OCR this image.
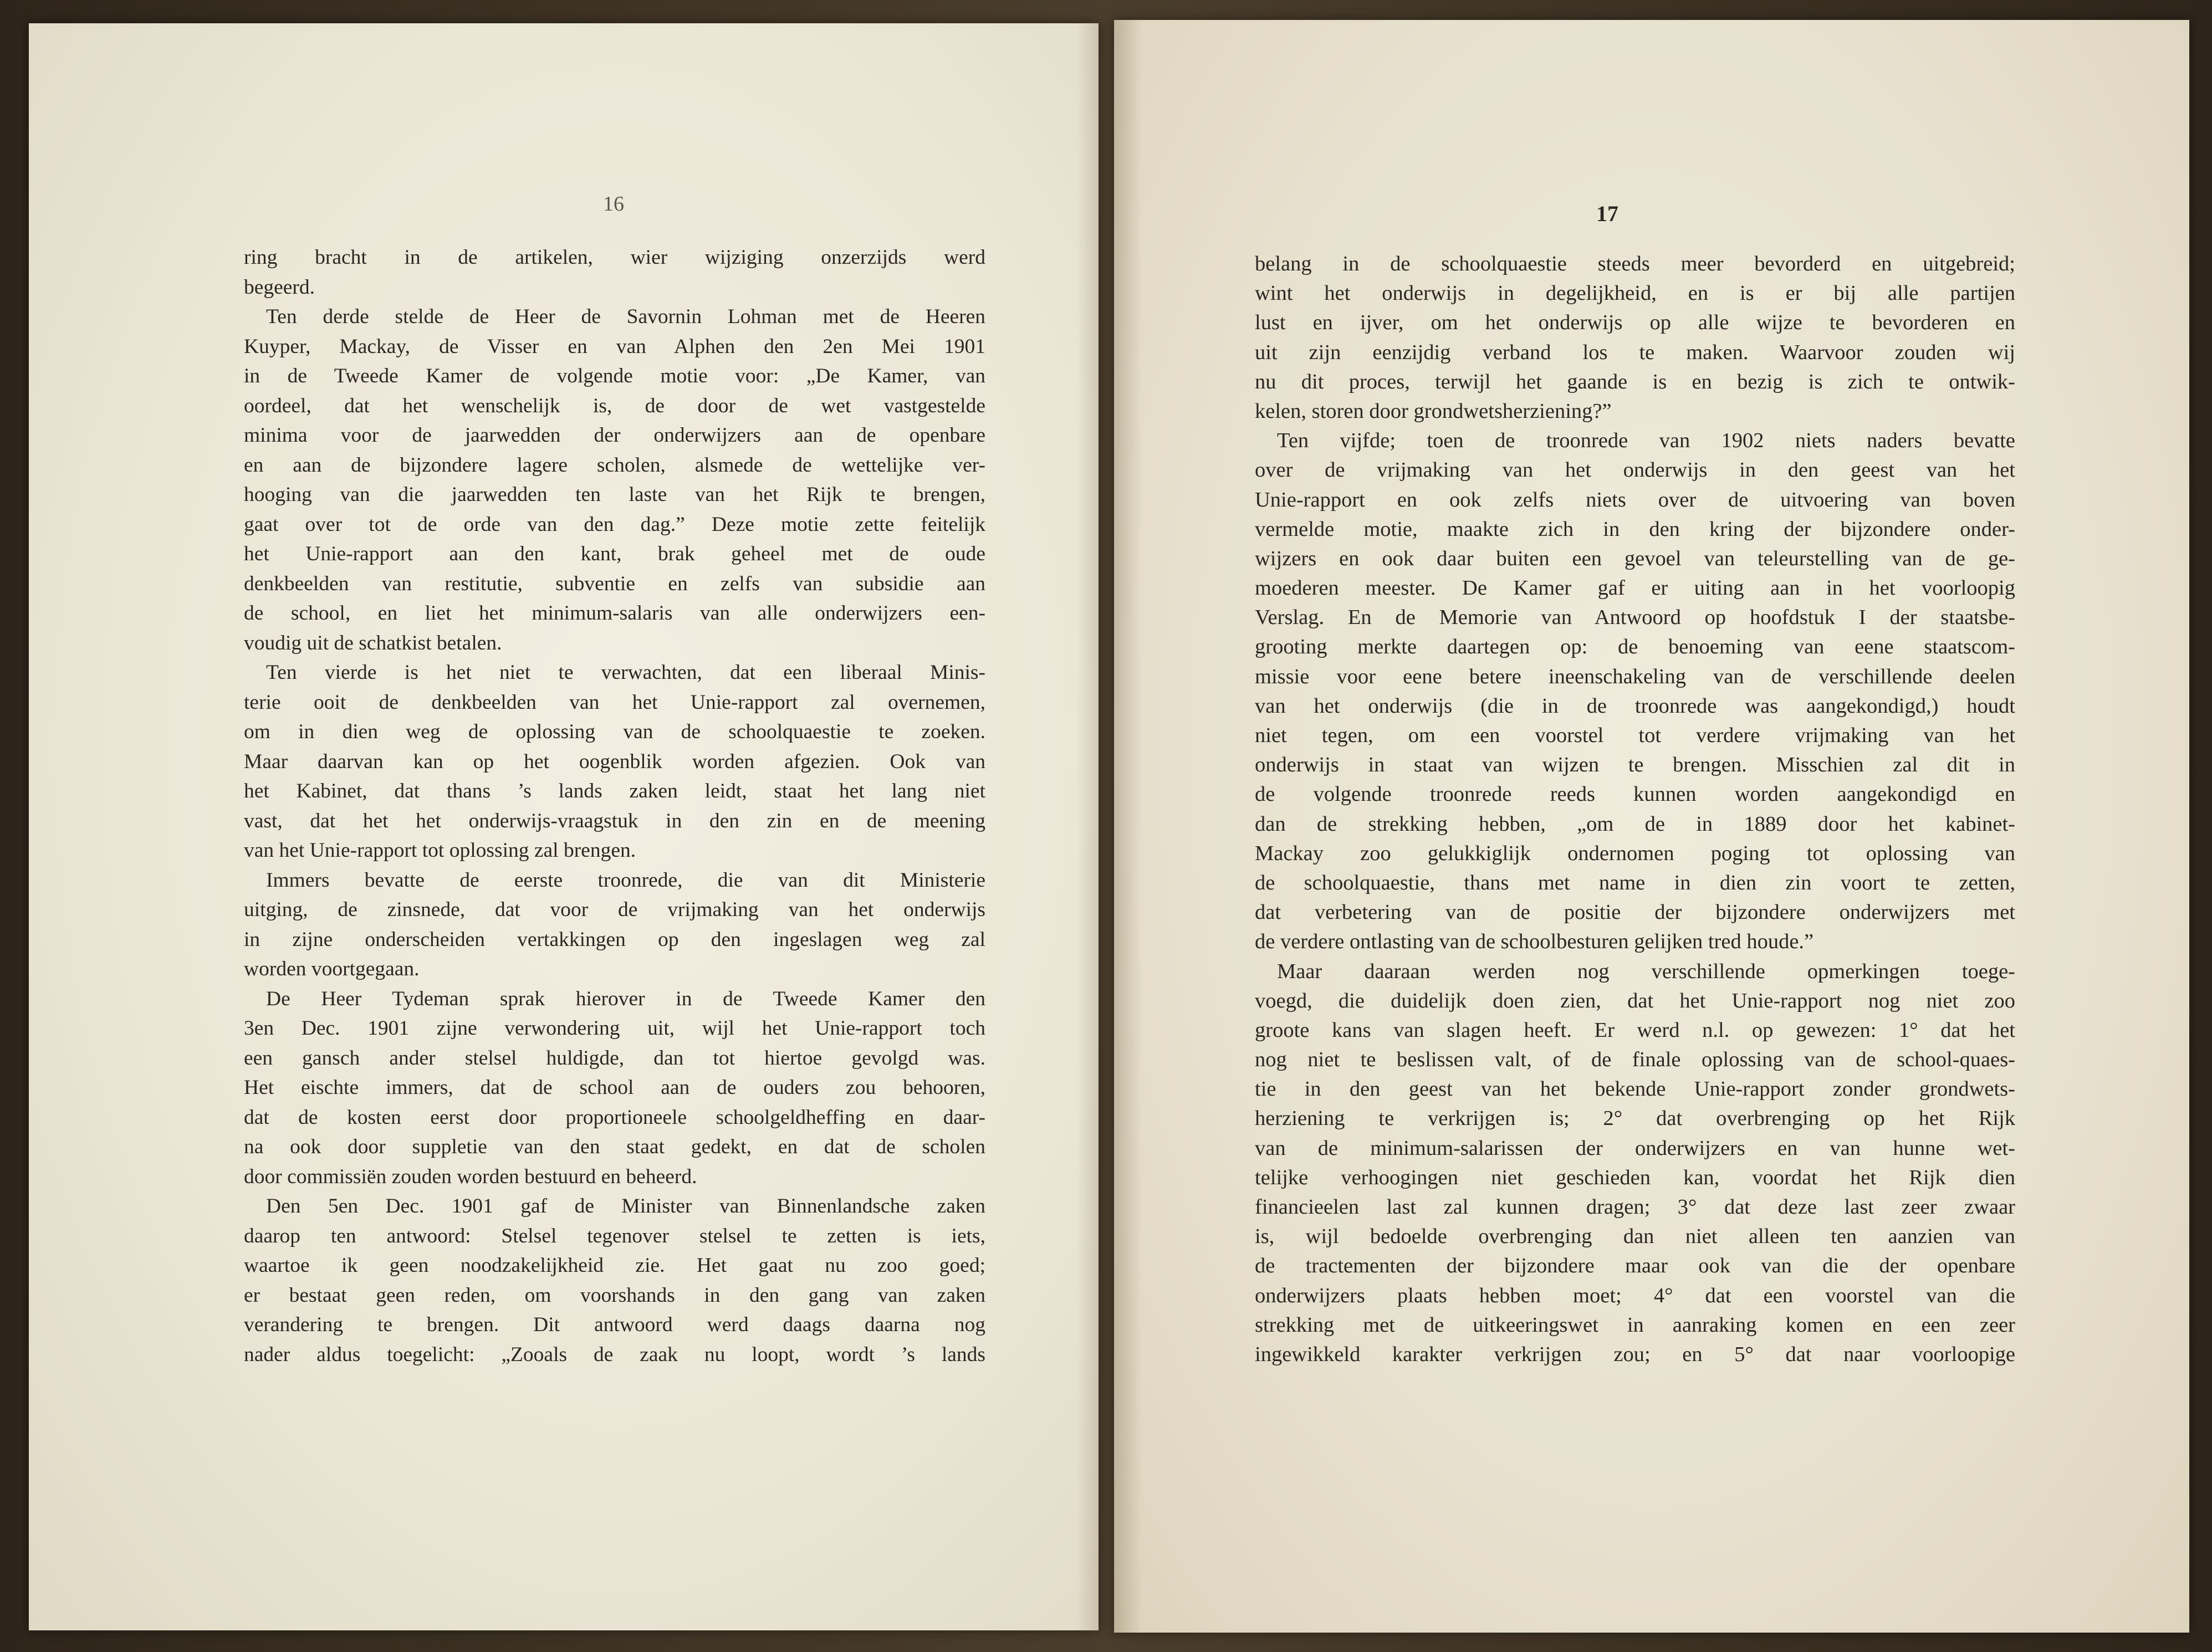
16
ring bracht in de artikelen, wier wijziging onzerzijds werd
begeerd.
Ten derde stelde de Heer de Savornin Lohman met de Heeren
Kuyper, Mackay, de Visser en van Alphen den 2en Mei 1901
in de Tweede Kamer de volgende motie voor: „De Kamer, van
oordeel, dat het wenschelijk is, de door de wet vastgestelde
minima voor de jaarwedden der onderwijzers aan de openbare
en aan de bijzondere lagere scholen, alsmede de wettelijke ver-
hooging van die jaarwedden ten laste van het Rijk te brengen,
gaat over tot de orde van den dag.” Deze motie zette feitelijk
het Unie-rapport aan den kant, brak geheel met de oude
denkbeelden van restitutie, subventie en zelfs van subsidie aan
de school, en liet het minimum-salaris van alle onderwijzers een-
voudig uit de schatkist betalen.
Ten vierde is het niet te verwachten, dat een liberaal Minis-
terie ooit de denkbeelden van het Unie-rapport zal overnemen,
om in dien weg de oplossing van de schoolquaestie te zoeken.
Maar daarvan kan op het oogenblik worden afgezien. Ook van
het Kabinet, dat thans ’s lands zaken leidt, staat het lang niet
vast, dat het het onderwijs-vraagstuk in den zin en de meening
van het Unie-rapport tot oplossing zal brengen.
Immers bevatte de eerste troonrede, die van dit Ministerie
uitging, de zinsnede, dat voor de vrijmaking van het onderwijs
in zijne onderscheiden vertakkingen op den ingeslagen weg zal
worden voortgegaan.
De Heer Tydeman sprak hierover in de Tweede Kamer den
3en Dec. 1901 zijne verwondering uit, wijl het Unie-rapport toch
een gansch ander stelsel huldigde, dan tot hiertoe gevolgd was.
Het eischte immers, dat de school aan de ouders zou behooren,
dat de kosten eerst door proportioneele schoolgeldheffing en daar-
na ook door suppletie van den staat gedekt, en dat de scholen
door commissiën zouden worden bestuurd en beheerd.
Den 5en Dec. 1901 gaf de Minister van Binnenlandsche zaken
daarop ten antwoord: Stelsel tegenover stelsel te zetten is iets,
waartoe ik geen noodzakelijkheid zie. Het gaat nu zoo goed;
er bestaat geen reden, om voorshands in den gang van zaken
verandering te brengen. Dit antwoord werd daags daarna nog
nader aldus toegelicht: „Zooals de zaak nu loopt, wordt ’s lands
17
belang in de schoolquaestie steeds meer bevorderd en uitgebreid;
wint het onderwijs in degelijkheid, en is er bij alle partijen
lust en ijver, om het onderwijs op alle wijze te bevorderen en
uit zijn eenzijdig verband los te maken. Waarvoor zouden wij
nu dit proces, terwijl het gaande is en bezig is zich te ontwik-
kelen, storen door grondwetsherziening?”
Ten vijfde; toen de troonrede van 1902 niets naders bevatte
over de vrijmaking van het onderwijs in den geest van het
Unie-rapport en ook zelfs niets over de uitvoering van boven
vermelde motie, maakte zich in den kring der bijzondere onder-
wijzers en ook daar buiten een gevoel van teleurstelling van de ge-
moederen meester. De Kamer gaf er uiting aan in het voorloopig
Verslag. En de Memorie van Antwoord op hoofdstuk I der staatsbe-
grooting merkte daartegen op: de benoeming van eene staatscom-
missie voor eene betere ineenschakeling van de verschillende deelen
van het onderwijs (die in de troonrede was aangekondigd,) houdt
niet tegen, om een voorstel tot verdere vrijmaking van het
onderwijs in staat van wijzen te brengen. Misschien zal dit in
de volgende troonrede reeds kunnen worden aangekondigd en
dan de strekking hebben, „om de in 1889 door het kabinet-
Mackay zoo gelukkiglijk ondernomen poging tot oplossing van
de schoolquaestie, thans met name in dien zin voort te zetten,
dat verbetering van de positie der bijzondere onderwijzers met
de verdere ontlasting van de schoolbesturen gelijken tred houde.”
Maar daaraan werden nog verschillende opmerkingen toege-
voegd, die duidelijk doen zien, dat het Unie-rapport nog niet zoo
groote kans van slagen heeft. Er werd n.l. op gewezen: 1° dat het
nog niet te beslissen valt, of de finale oplossing van de school-quaes-
tie in den geest van het bekende Unie-rapport zonder grondwets-
herziening te verkrijgen is; 2° dat overbrenging op het Rijk
van de minimum-salarissen der onderwijzers en van hunne wet-
telijke verhoogingen niet geschieden kan, voordat het Rijk dien
financieelen last zal kunnen dragen; 3° dat deze last zeer zwaar
is, wijl bedoelde overbrenging dan niet alleen ten aanzien van
de tractementen der bijzondere maar ook van die der openbare
onderwijzers plaats hebben moet; 4° dat een voorstel van die
strekking met de uitkeeringswet in aanraking komen en een zeer
ingewikkeld karakter verkrijgen zou; en 5° dat naar voorloopige
